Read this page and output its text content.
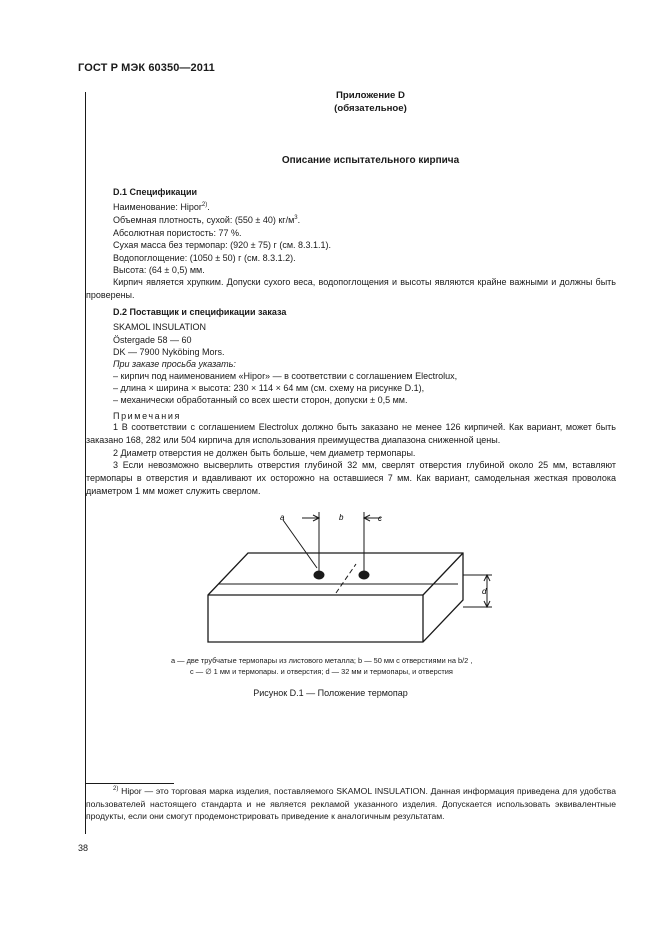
ГОСТ Р МЭК 60350—2011
Приложение D
(обязательное)
Описание испытательного кирпича
D.1 Спецификации
Наименование: Hipor$^{2)}$.
Объемная плотность, сухой: (550 ± 40) $кг/м^3$.
Абсолютная пористость: 77 %.
Сухая масса без термопар: (920 ± 75) г (см. 8.3.1.1).
Водопоглощение: (1050 ± 50) г (см. 8.3.1.2).
Высота: (64 ± 0,5) мм.
Кирпич является хрупким. Допуски сухого веса, водопоглощения и высоты являются крайне важными и должны быть проверены.
D.2 Поставщик и спецификации заказа
SKAMOL INSULATION
Östergade 58 — 60
DK — 7900 Nyköbing Mors.
При заказе просьба указать:
– кирпич под наименованием «Hipor» — в соответствии с соглашением Electrolux,
– длина × ширина × высота: 230 × 114 × 64 мм (см. схему на рисунке D.1),
– механически обработанный со всех шести сторон, допуски ± 0,5 мм.
Примечания
1 В соответствии с соглашением Electrolux должно быть заказано не менее 126 кирпичей. Как вариант, может быть заказано 168, 282 или 504 кирпича для использования преимущества диапазона сниженной цены.
2 Диаметр отверстия не должен быть больше, чем диаметр термопары.
3 Если невозможно высверлить отверстия глубиной 32 мм, сверлят отверстия глубиной около 25 мм, вставляют термопары в отверстия и вдавливают их осторожно на оставшиеся 7 мм. Как вариант, самодельная жесткая проволока диаметром 1 мм может служить сверлом.
a	b	c
d
a — две трубчатые термопары из листового металла; b — 50 мм с отверстиями на b/2 ,
c — ∅ 1 мм и термопары. и отверстия; d — 32 мм и термопары, и отверстия
Рисунок D.1 — Положение термопар
$^{2)}$ Hipor — это торговая марка изделия, поставляемого SKAMOL INSULATION. Данная информация приведена для удобства пользователей настоящего стандарта и не является рекламой указанного изделия. Допускается использовать эквивалентные продукты, если они смогут продемонстрировать приведение к аналогичным результатам.
38
